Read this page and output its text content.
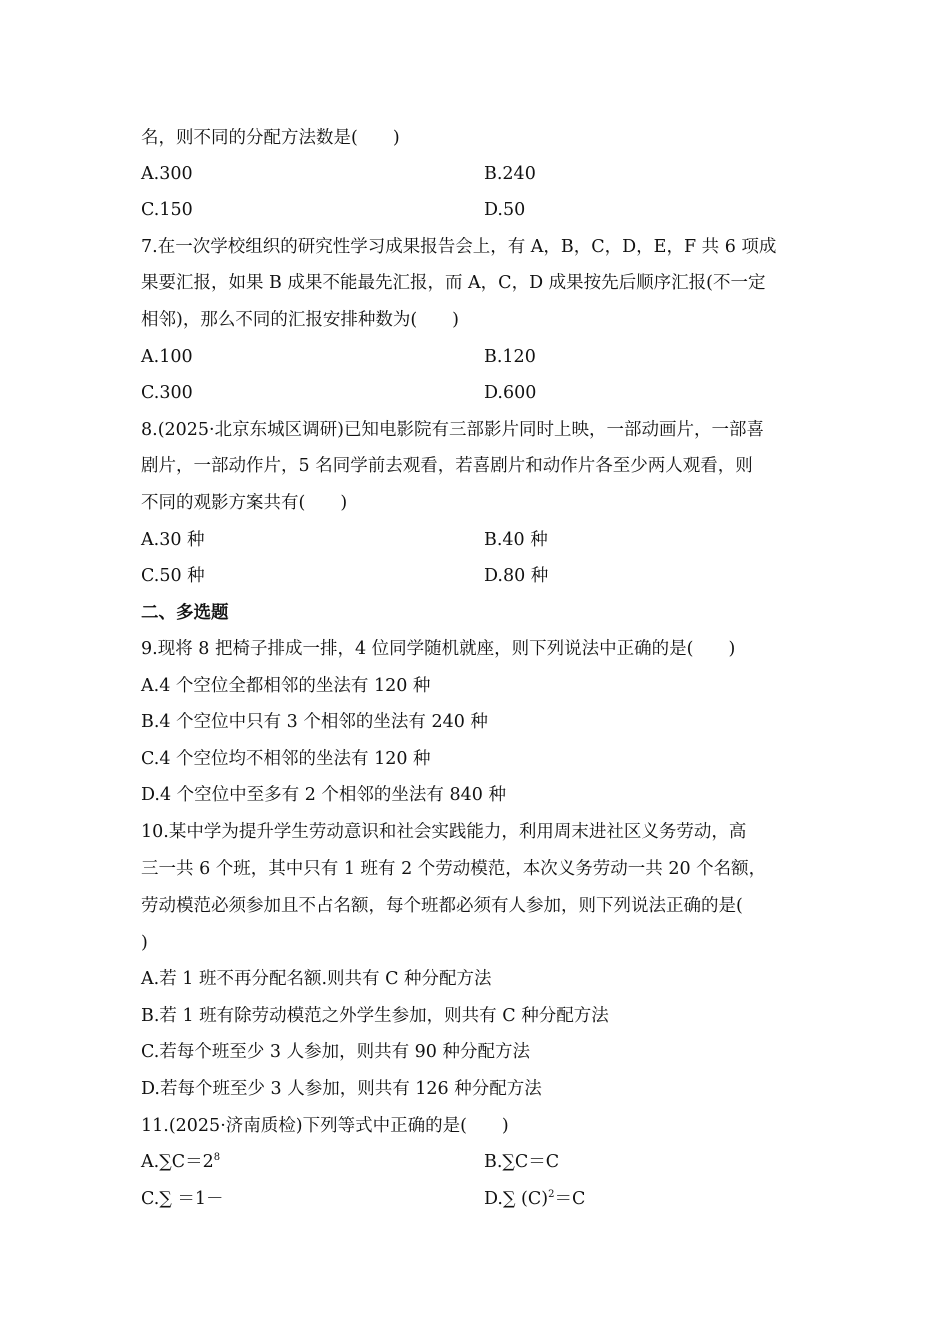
名，则不同的分配方法数是(　　)
A.300	B.240
C.150	D.50
7.在一次学校组织的研究性学习成果报告会上，有 A，B，C，D，E，F 共 6 项成
果要汇报，如果 B 成果不能最先汇报，而 A，C，D 成果按先后顺序汇报(不一定
相邻)，那么不同的汇报安排种数为(　　)
A.100	B.120
C.300	D.600
8.(2025·北京东城区调研)已知电影院有三部影片同时上映，一部动画片，一部喜
剧片，一部动作片，5 名同学前去观看，若喜剧片和动作片各至少两人观看，则
不同的观影方案共有(　　)
A.30 种	B.40 种
C.50 种	D.80 种
二、多选题
9.现将 8 把椅子排成一排，4 位同学随机就座，则下列说法中正确的是(　　)
A.4 个空位全都相邻的坐法有 120 种
B.4 个空位中只有 3 个相邻的坐法有 240 种
C.4 个空位均不相邻的坐法有 120 种
D.4 个空位中至多有 2 个相邻的坐法有 840 种
10.某中学为提升学生劳动意识和社会实践能力，利用周末进社区义务劳动，高
三一共 6 个班，其中只有 1 班有 2 个劳动模范，本次义务劳动一共 20 个名额，
劳动模范必须参加且不占名额，每个班都必须有人参加，则下列说法正确的是(
)
A.若 1 班不再分配名额.则共有 C 种分配方法
B.若 1 班有除劳动模范之外学生参加，则共有 C 种分配方法
C.若每个班至少 3 人参加，则共有 90 种分配方法
D.若每个班至少 3 人参加，则共有 126 种分配方法
11.(2025·济南质检)下列等式中正确的是(　　)
$A.\sum C=2^8$	B.∑C＝C
C.∑ ＝1－	D.∑ $(C)^2=C$
